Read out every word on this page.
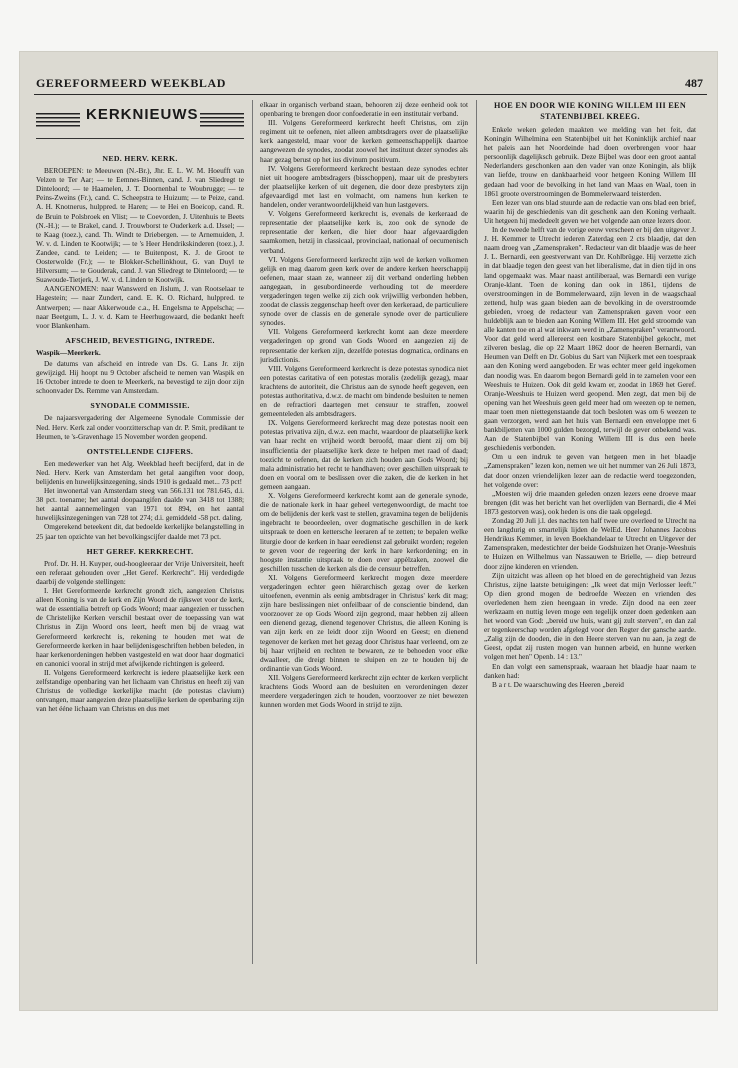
GEREFORMEERD WEEKBLAD	487
KERKNIEUWS
NED. HERV. KERK.

BEROEPEN: te Meeuwen (N.-Br.), Jhr. E. L. W. M. Hoeufft van Velzen te Ter Aar; — te Eemnes-Binnen, cand. J. van Sliedregt te Dinteloord; — te Haamelen, J. T. Doornenbal te Woubrugge; — te Peins-Zweins (Fr.), cand. C. Scheepstra te Huizum; — te Peize, cand. A. H. Knotnerus, hulppred. te Haren; — te Hei en Boeicop, cand. R. de Bruin te Polsbroek en Vlist; — te Coevorden, J. Uitenhuis te Beets (N.-H.); — te Brakel, cand. J. Trouwborst te Ouderkerk a.d. IJssel; — te Kaag (toez.), cand. Th. Windt te Driebergen. — te Arnemuiden, J. W. v. d. Linden te Kootwijk; — te 's Heer Hendrikskinderen (toez.), J. Zandee, cand. te Leiden; — te Buitenpost, K. J. de Groot te Oosterwolde (Fr.); — te Blokker-Schellinkhout, G. van Duyl te Hilversum; — te Gouderak, cand. J. van Sliedregt te Dinteloord; — te Suawoude-Tietjerk, J. W. v. d. Linden te Kootwijk.

AANGENOMEN: naar Wanswerd en Jislum, J. van Rootselaar te Hagestein; — naar Zundert, cand. E. K. O. Richard, hulppred. te Antwerpen; — naar Akkerwoude c.a., H. Engelsma te Appelscha; — naar Beetgum, L. J. v. d. Kam te Heerhugowaard, die bedankt heeft voor Blankenham.

AFSCHEID, BEVESTIGING, INTREDE.
Waspik—Meerkerk.

De datums van afscheid en intrede van Ds. G. Lans Jr. zijn gewijzigd. Hij hoopt nu 9 October afscheid te nemen van Waspik en 16 October intrede te doen te Meerkerk, na bevestigd te zijn door zijn schoonvader Ds. Remme van Amsterdam.

SYNODALE COMMISSIE.

De najaarsvergadering der Algemeene Synodale Commissie der Ned. Herv. Kerk zal onder voorzitterschap van dr. P. Smit, predikant te Heumen, te 's-Gravenhage 15 November worden geopend.

ONTSTELLENDE CIJFERS.

Een medewerker van het Alg. Weekblad heeft becijferd, dat in de Ned. Herv. Kerk van Amsterdam het getal aangiften voor doop, belijdenis en huwelijksinzegening, sinds 1910 is gedaald met... 73 pct!

Het inwonertal van Amsterdam steeg van 566.131 tot 781.645, d.i. 38 pct. toename; het aantal doopaangifen daalde van 3418 tot 1388; het aantal aannemelingen van 1971 tot 894, en het aantal huwelijksinzegeningen van 728 tot 274; d.i. gemiddeld -58 pct. daling.

Omgerekend beteekent dit, dat bedoelde kerkelijke belangstelling in 25 jaar ten opzichte van het bevolkingscijfer daalde met 73 pct.

HET GEREF. KERKRECHT.

Prof. Dr. H. H. Kuyper, oud-hoogleeraar der Vrije Universiteit, heeft een referaat gehouden over „Het Geref. Kerkrecht". Hij verdedigde daarbij de volgende stellingen:

I. Het Gereformeerde kerkrecht grondt zich, aangezien Christus alleen Koning is van de kerk en Zijn Woord de rijkswet voor de kerk, wat de essentialia betreft op Gods Woord; maar aangezien er tusschen de Christelijke Kerken verschil bestaat over de toepassing van wat Christus in Zijn Woord ons leert, heeft men bij de vraag wat Gereformeerd kerkrecht is, rekening te houden met wat de Gereformeerde kerken in haar belijdenisgeschriften hebben beleden, in haar kerkenordeningen hebben vastgesteld en wat door haar dogmatici en canonici vooral in strijd met afwijkende richtingen is geleerd.

II. Volgens Gereformeerd kerkrecht is iedere plaatselijke kerk een zelfstandige openbaring van het lichaam van Christus en heeft zij van Christus de volledige kerkelijke macht (de potestas clavium) ontvangen, maar aangezien deze plaatselijke kerken de openbaring zijn van het ééne lichaam van Christus en dus met

elkaar in organisch verband staan, behooren zij deze eenheid ook tot openbaring te brengen door confoederatie in een institutair verband.

III. Volgens Gereformeerd kerkrecht heeft Christus, om zijn regiment uit te oefenen, niet alleen ambtsdragers over de plaatselijke kerk aangesteld, maar voor de kerken gemeenschappelijk daartoe aangewezen de synodes, zoodat zoowel het instituut dezer synodes als haar gezag berust op het ius divinum positivum.

IV. Volgens Gereformeerd kerkrecht bestaan deze synodes echter niet uit hoogere ambtsdragers (bisschoppen), maar uit de presbyters der plaatselijke kerken of uit degenen, die door deze presbyters zijn afgevaardigd met last en volmacht, om namens hun kerken te handelen, onder verantwoordelijkheid van hun lastgevers.

V. Volgens Gereformeerd kerkrecht is, evenals de kerkeraad de representatie der plaatselijke kerk is, zoo ook de synode de representatie der kerken, die hier door haar afgevaardigden saamkomen, hetzij in classicaal, provinciaal, nationaal of oecumenisch verband.

VI. Volgens Gereformeerd kerkrecht zijn wel de kerken volkomen gelijk en mag daarom geen kerk over de andere kerken heerschappij oefenen, maar staan ze, wanneer zij dit verband onderling hebben aangegaan, in gesubordineerde verhouding tot de meerdere vergaderingen tegen welke zij zich ook vrijwillig verbonden hebben, zoodat de classis zeggenschap heeft over den kerkeraad, de particuliere synode over de classis en de generale synode over de particuliere synodes.

VII. Volgens Gereformeerd kerkrecht komt aan deze meerdere vergaderingen op grond van Gods Woord en aangezien zij de representatie der kerken zijn, dezelfde potestas dogmatica, ordinans en jurisdictionis.

VIII. Volgens Gereformeerd kerkrecht is deze potestas synodica niet een potestas caritativa of een potestas moralis (zedelijk gezag), maar krachtens de autoriteit, die Christus aan de synode heeft gegeven, een potestas authoritativa, d.w.z. de macht om bindende besluiten te nemen en de refractiori daartegen met censuur te straffen, zoowel gemeenteleden als ambtsdragers.

IX. Volgens Gereformeerd kerkrecht mag deze potestas nooit een potestas privativa zijn, d.w.z. een macht, waardoor de plaatselijke kerk van haar recht en vrijheid wordt beroofd, maar dient zij om bij insufficientia der plaatselijke kerk deze te helpen met raad of daad; toezicht te oefenen, dat de kerken zich houden aan Gods Woord; bij mala administratio het recht te handhaven; over geschillen uitspraak te doen en vooral om te beslissen over die zaken, die de kerken in het gemeen aangaan.

X. Volgens Gereformeerd kerkrecht komt aan de generale synode, die de nationale kerk in haar geheel vertegenwoordigt, de macht toe om de belijdenis der kerk vast te stellen, gravamina tegen de belijdenis ingebracht te beoordeelen, over dogmatische geschillen in de kerk uitspraak te doen en kettersche leeraren af te zetten; te bepalen welke liturgie door de kerken in haar eeredienst zal gebruikt worden; regelen te geven voor de regeering der kerk in hare kerkordening; en in hoogste instantie uitspraak te doen over appèlzaken, zoowel die geschillen tusschen de kerken als die de censuur betreffen.

XI. Volgens Gereformeerd kerkrecht mogen deze meerdere vergaderingen echter geen hiërarchisch gezag over de kerken uitoefenen, evenmin als eenig ambtsdrager in Christus' kerk dit mag; zijn hare beslissingen niet onfeilbaar of de conscientie bindend, dan voorzoover ze op Gods Woord zijn gegrond, maar hebben zij alleen een dienend gezag, dienend tegenover Christus, die alleen Koning is van zijn kerk en ze leidt door zijn Woord en Geest; en dienend tegenover de kerken met het gezag door Christus haar verleend, om ze bij haar vrijheid en rechten te bewaren, ze te behoeden voor elke dwaalleer, die dreigt binnen te sluipen en ze te houden bij de ordinantie van Gods Woord.

XII. Volgens Gereformeerd kerkrecht zijn echter de kerken verplicht krachtens Gods Woord aan de besluiten en verordeningen dezer meerdere vergaderingen zich te houden, voorzoover ze niet bewezen kunnen worden met Gods Woord in strijd te zijn.

HOE EN DOOR WIE KONING WILLEM III EEN STATENBIJBEL KREEG.

Enkele weken geleden maakten we melding van het feit, dat Koningin Wilhelmina een Statenbijbel uit het Koninklijk archief naar het paleis aan het Noordeinde had doen overbrengen voor haar persoonlijk dagelijksch gebruik. Deze Bijbel was door een groot aantal Nederlanders geschonken aan den vader van onze Koningin, als blijk van liefde, trouw en dankbaarheid voor hetgeen Koning Willem III gedaan had voor de bevolking in het land van Maas en Waal, toen in 1861 groote overstroomingen de Bommelerwaard teisterden.

Een lezer van ons blad stuurde aan de redactie van ons blad een brief, waarin hij de geschiedenis van dit geschenk aan den Koning verhaalt. Uit hetgeen hij mededeelt geven we het volgende aan onze lezers door.

In de tweede helft van de vorige eeuw verscheen er bij den uitgever J. J. H. Kemmer te Utrecht iederen Zaterdag een 2 cts blaadje, dat den naam droeg van „Zamenspraken". Redacteur van dit blaadje was de heer J. L. Bernardi, een geestverwant van Dr. Kohlbrügge. Hij verzette zich in dat blaadje tegen den geest van het liberalisme, dat in dien tijd in ons land opgemaakt was. Maar naast antiliberaal, was Bernardi een vurige Oranje-klant. Toen de koning dan ook in 1861, tijdens de overstroomingen in de Bommelerwaard, zijn leven in de waagschaal zettend, hulp was gaan bieden aan de bevolking in de overstroomde gebieden, vroeg de redacteur van Zamenspraken gaven voor een huldeblijk aan te bieden aan Koning Willem III. Het geld stroomde van alle kanten toe en al wat inkwam werd in „Zamenspraken" verantwoord. Voor dat geld werd allereerst een kostbare Statenbijbel gekocht, met zilveren beslag, die op 22 Maart 1862 door de heeren Bernardi, van Heumen van Delft en Dr. Gobius du Sart van Nijkerk met een toespraak aan den Koning werd aangeboden. Er was echter meer geld ingekomen dan noodig was. En daarom begon Bernardi geld in te zamelen voor een Weeshuis te Huizen. Ook dit geld kwam er, zoodat in 1869 het Geref. Oranje-Weeshuis te Huizen werd geopend. Men zegt, dat men bij de opening van het Weeshuis geen geld meer had om weezen op te nemen, maar toen men niettegenstaande dat toch besloten was om 6 weezen te gaan verzorgen, werd aan het huis van Bernardi een enveloppe met 6 bankbiljetten van 1000 gulden bezorgd, terwijl de gever onbekend was. Aan de Statenbijbel van Koning Willem III is dus een heele geschiedenis verbonden.

Om u een indruk te geven van hetgeen men in het blaadje „Zamenspraken" lezen kon, nemen we uit het nummer van 26 Juli 1873, dat door onzen vriendelijken lezer aan de redactie werd toegezonden, het volgende over:

„Moesten wij drie maanden geleden onzen lezers eene droeve maar brengen (dit was het bericht van het overlijden van Bernardi, die 4 Mei 1873 gestorven was), ook heden is ons die taak opgelegd.

Zondag 20 Juli j.l. des nachts ten half twee ure overleed te Utrecht na een langdurig en smartelijk lijden de WelEd. Heer Johannes Jacobus Hendrikus Kemmer, in leven Boekhandelaar te Utrecht en Uitgever der Zamenspraken, medestichter der beide Godshuizen het Oranje-Weeshuis te Huizen en Wilhelmus van Nassauwen te Brielle, — diep betreurd door zijne kinderen en vrienden.

Zijn uitzicht was alleen op het bloed en de gerechtigheid van Jezus Christus, zijne laatste betuigingen: „Ik weet dat mijn Verlosser leeft." Op dien grond mogen de bedroefde Weezen en vrienden des overledenen hem zien heengaan in vrede. Zijn dood na een zeer werkzaam en nuttig leven moge een tegelijk onzer doen gedenken aan het woord van God: „bereid uw huis, want gij zult sterven", en dan zal er tegenkeerschap worden afgelegd voor den Regter der gansche aarde. „Zalig zijn de dooden, die in den Heere sterven van nu aan, ja zegt de Geest, opdat zij rusten mogen van hunnen arbeid, en hunne werken volgen met hen" Openb. 14 : 13."

En dan volgt een samenspraak, waaraan het blaadje haar naam te danken had:

B a r t. De waarschuwing des Heeren „bereid
